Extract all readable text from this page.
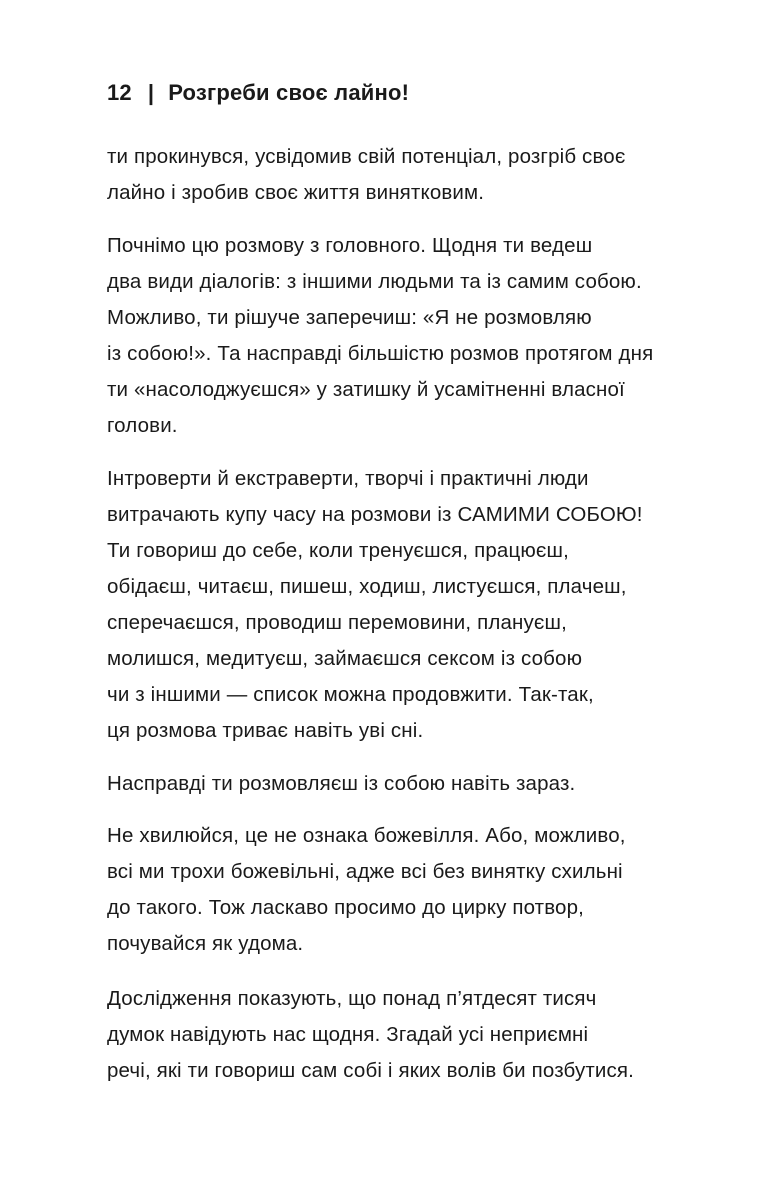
12 | Розгреби своє лайно!
ти прокинувся, усвідомив свій потенціал, розгріб своє
лайно і зробив своє життя винятковим.
Почнімо цю розмову з головного. Щодня ти ведеш
два види діалогів: з іншими людьми та із самим собою.
Можливо, ти рішуче заперечиш: «Я не розмовляю
із собою!». Та насправді більшістю розмов протягом дня
ти «насолоджуєшся» у затишку й усамітненні власної
голови.
Інтроверти й екстраверти, творчі і практичні люди
витрачають купу часу на розмови із САМИМИ СОБОЮ!
Ти говориш до себе, коли тренуєшся, працюєш,
обідаєш, читаєш, пишеш, ходиш, листуєшся, плачеш,
сперечаєшся, проводиш перемовини, плануєш,
молишся, медитуєш, займаєшся сексом із собою
чи з іншими — список можна продовжити. Так-так,
ця розмова триває навіть уві сні.
Насправді ти розмовляєш із собою навіть зараз.
Не хвилюйся, це не ознака божевілля. Або, можливо,
всі ми трохи божевільні, адже всі без винятку схильні
до такого. Тож ласкаво просимо до цирку потвор,
почувайся як удома.
Дослідження показують, що понад п’ятдесят тисяч
думок навідують нас щодня. Згадай усі неприємні
речі, які ти говориш сам собі і яких волів би позбутися.
